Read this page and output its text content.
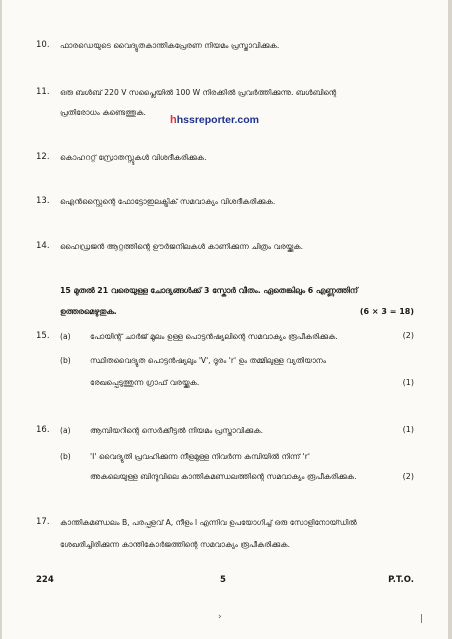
10. ഫാരഡെയുടെ വൈദ്യുതകാന്തികപ്രേരണ നിയമം പ്രസ്താവിക്കുക.
11. ഒരു ബൾബ് 220 V സപ്ലൈയിൽ 100 W നിരക്കിൽ പ്രവർത്തിക്കുന്നു. ബൾബിന്റെ
പ്രതിരോധം കണ്ടെത്തുക.
hhssreporter.com
12. കൊഹററ്റ് സ്രോതസ്സുകൾ വിശദീകരിക്കുക.
13. ഐൻസ്റ്റൈന്റെ ഫോട്ടോഇലക്ട്രിക് സമവാക്യം വിശദീകരിക്കുക.
14. ഹൈഡ്രജൻ ആറ്റത്തിന്റെ ഊർജനിലകൾ കാണിക്കുന്ന ചിത്രം വരയ്ക്കുക.
15 മുതൽ 21 വരെയുള്ള ചോദ്യങ്ങൾക്ക് 3 സ്കോർ വീതം. ഏതെങ്കിലും 6 എണ്ണത്തിന്
ഉത്തരമെഴുതുക.	(6 × 3 = 18)
15. (a)	പോയിന്റ് ചാർജ് മൂലം ഉള്ള പൊട്ടൻഷ്യലിന്റെ സമവാക്യം രൂപീകരിക്കുക.	(2)
(b)	സ്ഥിതവൈദ്യുത പൊട്ടൻഷ്യലും 'V', ദൂരം 'r' ഉം തമ്മിലുള്ള വ്യതിയാനം
രേഖപ്പെടുത്തുന്ന ഗ്രാഫ് വരയ്ക്കുക.	(1)
16. (a)	ആമ്പിയറിന്റെ സെർക്കീട്ടൽ നിയമം പ്രസ്താവിക്കുക.	(1)
(b)	'I' വൈദ്യുതി പ്രവഹിക്കുന്ന നീളമുള്ള നിവർന്ന കമ്പിയിൽ നിന്ന് 'r'
അകലെയുള്ള ബിന്ദുവിലെ കാന്തികമണ്ഡലത്തിന്റെ സമവാക്യം രൂപീകരിക്കുക.	(2)
17. കാന്തികമണ്ഡലം B, പരപ്പളവ് A, നീളം l എന്നിവ ഉപയോഗിച്ച് ഒരു സോളിനോയ്ഡിൽ
ശേഖരിച്ചിരിക്കുന്ന കാന്തികോർജത്തിന്റെ സമവാക്യം രൂപീകരിക്കുക.
224	5	P.T.O.
›	|
